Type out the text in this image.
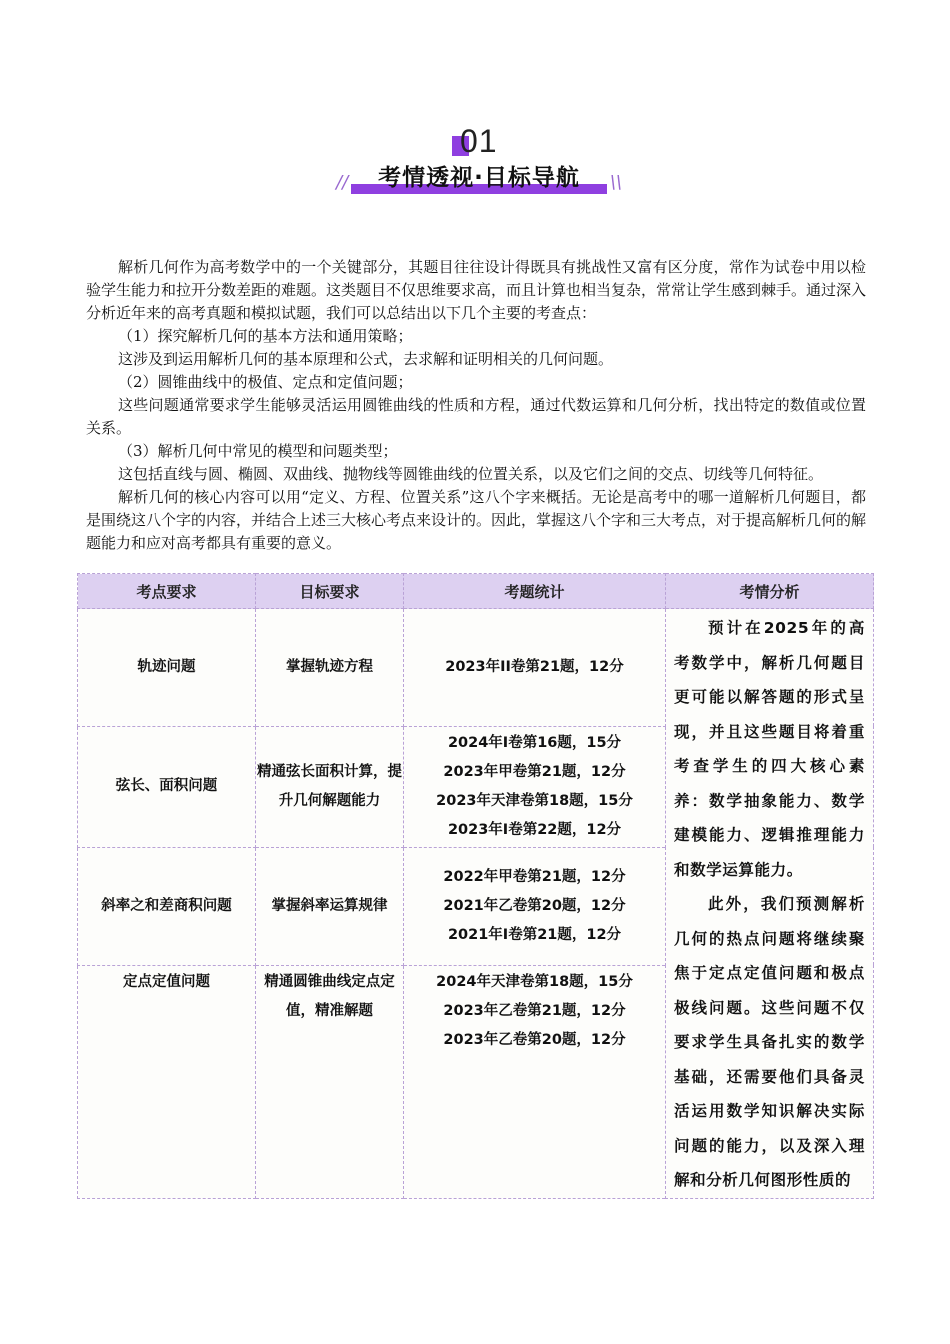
01
//	考情透视·目标导航	\\

解析几何作为高考数学中的一个关键部分，其题目往往设计得既具有挑战性又富有区分度，常作为试卷中用以检验学生能力和拉开分数差距的难题。这类题目不仅思维要求高，而且计算也相当复杂，常常让学生感到棘手。通过深入分析近年来的高考真题和模拟试题，我们可以总结出以下几个主要的考查点：

（1）探究解析几何的基本方法和通用策略；

这涉及到运用解析几何的基本原理和公式，去求解和证明相关的几何问题。

（2）圆锥曲线中的极值、定点和定值问题；

这些问题通常要求学生能够灵活运用圆锥曲线的性质和方程，通过代数运算和几何分析，找出特定的数值或位置关系。

（3）解析几何中常见的模型和问题类型；

这包括直线与圆、椭圆、双曲线、抛物线等圆锥曲线的位置关系，以及它们之间的交点、切线等几何特征。

解析几何的核心内容可以用“定义、方程、位置关系”这八个字来概括。无论是高考中的哪一道解析几何题目，都是围绕这八个字的内容，并结合上述三大核心考点来设计的。因此，掌握这八个字和三大考点，对于提高解析几何的解题能力和应对高考都具有重要的意义。

考点要求	目标要求	考题统计	考情分析
轨迹问题	掌握轨迹方程	2023年II卷第21题，12分	预计在2025年的高考数学中，解析几何题目更可能以解答题的形式呈现，并且这些题目将着重考查学生的四大核心素养：数学抽象能力、数学建模能力、逻辑推理能力和数学运算能力。

此外，我们预测解析几何的热点问题将继续聚焦于定点定值问题和极点极线问题。这些问题不仅要求学生具备扎实的数学基础，还需要他们具备灵活运用数学知识解决实际问题的能力，以及深入理解和分析几何图形性质的

弦长、面积问题	精通弦长面积计算，提升几何解题能力	2024年I卷第16题，15分
2023年甲卷第21题，12分
2023年天津卷第18题，15分
2023年I卷第22题，12分	

斜率之和差商积问题	掌握斜率运算规律	2022年甲卷第21题，12分
2021年乙卷第20题，12分
2021年I卷第21题，12分	

定点定值问题	精通圆锥曲线定点定值，精准解题	2024年天津卷第18题，15分
2023年乙卷第21题，12分
2023年乙卷第20题，12分	
